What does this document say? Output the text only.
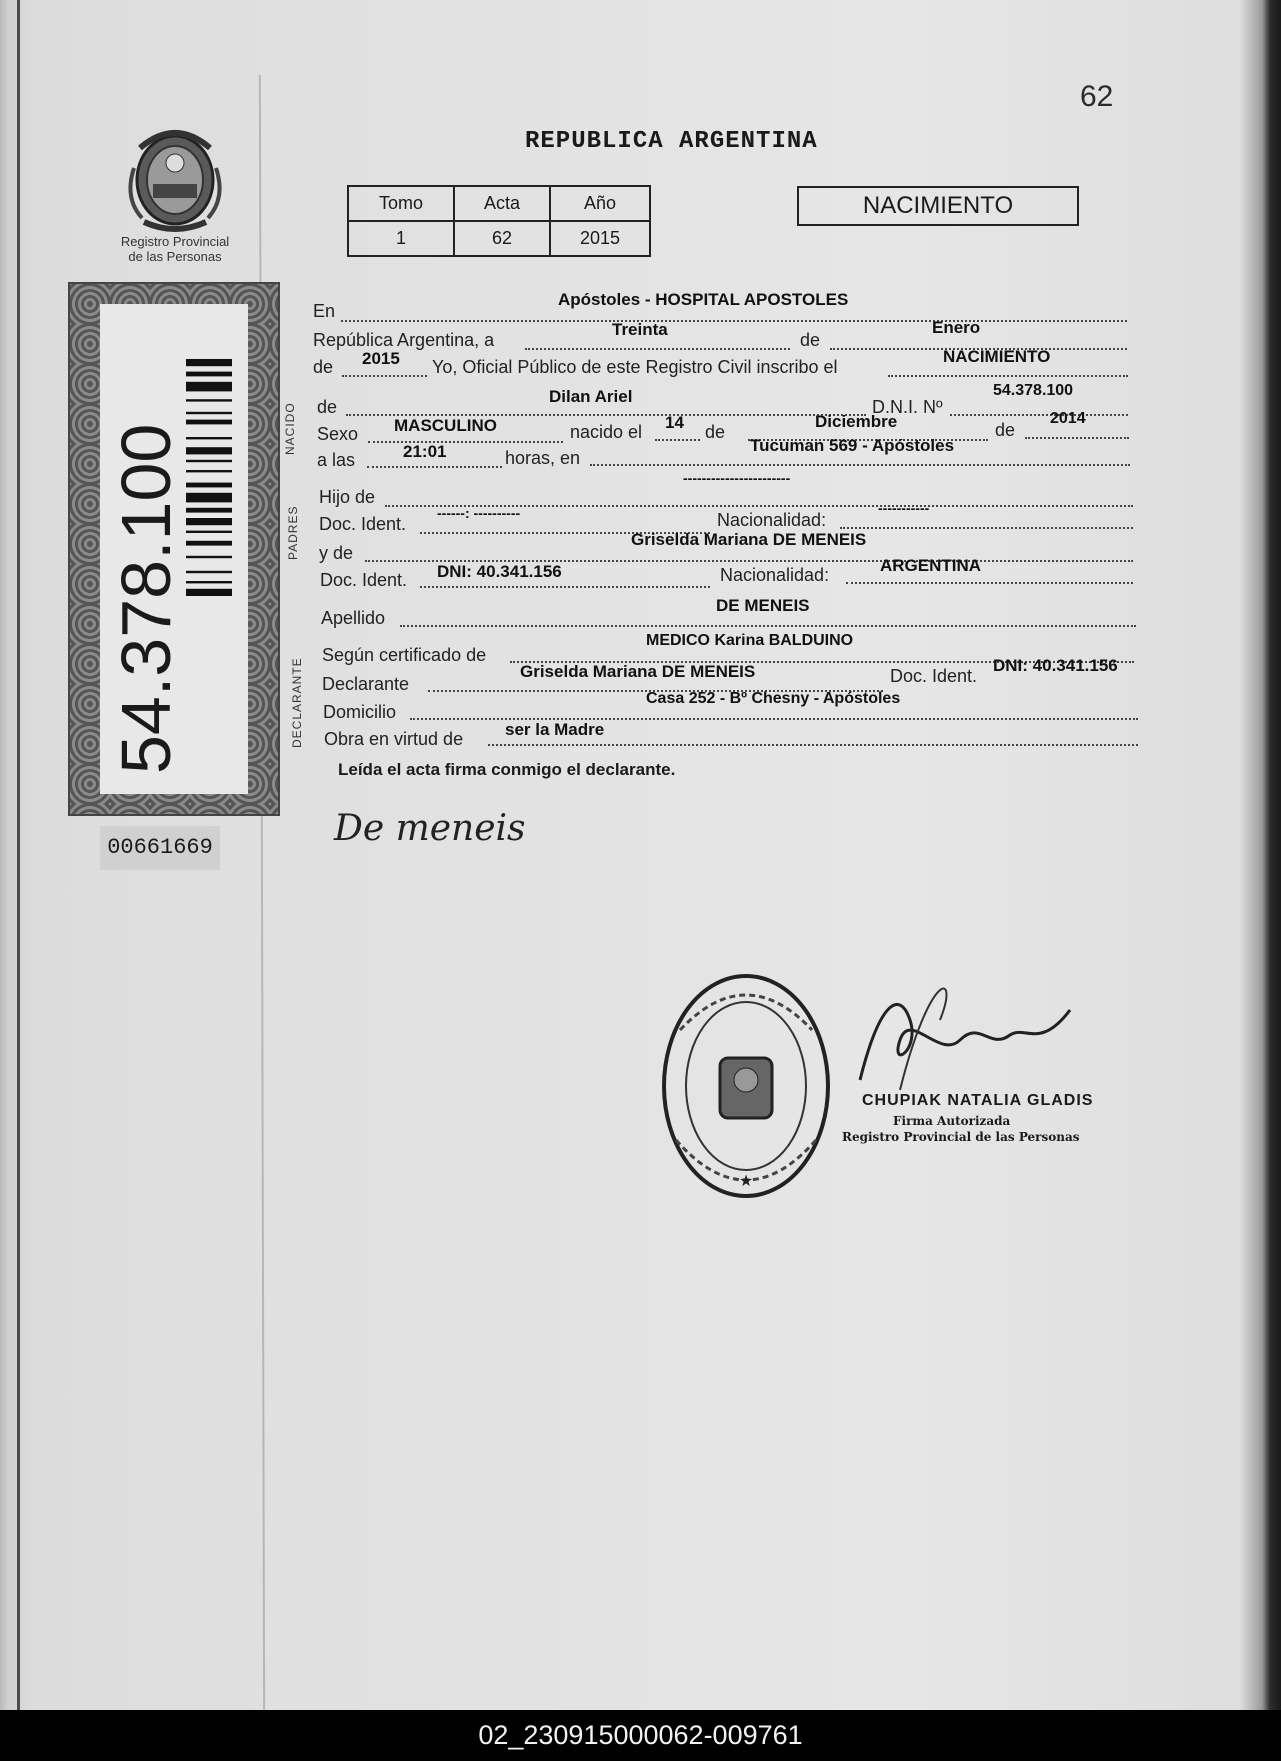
62
REPUBLICA ARGENTINA
Tomo	Acta	Año
1	62	2015
NACIMIENTO
Registro Provincial
de las Personas
54.378.100
00661669
NACIDO
PADRES
DECLARANTE
En
Apóstoles - HOSPITAL APOSTOLES
República Argentina, a
Treinta
de
Enero
de 2015 Yo, Oficial Público de este Registro Civil inscribo el
NACIMIENTO
de
Dilan Ariel
D.N.I. Nº
54.378.100
Sexo MASCULINO	nacido el 14 de
Diciembre	de
2014
a las	21:01	horas, en
Tucuman 569 - Apóstoles
Hijo de
-----------------------
Doc. Ident.
------: ----------	Nacionalidad:
-----------
y de
Griselda Mariana DE MENEIS
Doc. Ident. DNI: 40.341.156	Nacionalidad:	ARGENTINA
Apellido
DE MENEIS
Según certificado de
MEDICO Karina BALDUINO
Declarante
Griselda Mariana DE MENEIS	Doc. Ident.
DNI: 40.341.156
Domicilio
Casa 252 - Bº Chesny - Apóstoles
Obra en virtud de ser la Madre
Leída el acta firma conmigo el declarante.
De meneis
★
CHUPIAK NATALIA GLADIS
Firma Autorizada
Registro Provincial de las Personas
02_230915000062-009761
